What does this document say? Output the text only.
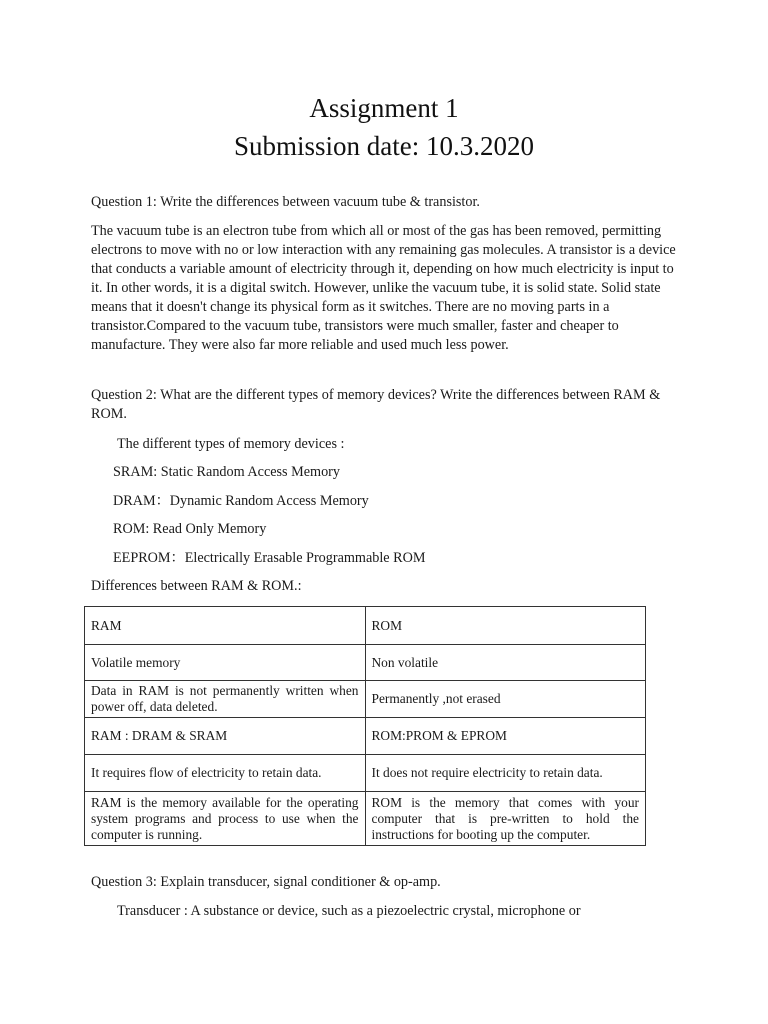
Assignment 1
Submission date: 10.3.2020
Question 1: Write the differences between vacuum tube & transistor.
The vacuum tube is an electron tube from which all or most of the gas has been removed, permitting electrons to move with no or low interaction with any remaining gas molecules. A transistor is a device that conducts a variable amount of electricity through it, depending on how much electricity is input to it. In other words, it is a digital switch. However, unlike the vacuum tube, it is solid state. Solid state means that it doesn't change its physical form as it switches. There are no moving parts in a transistor.Compared to the vacuum tube, transistors were much smaller, faster and cheaper to manufacture. They were also far more reliable and used much less power.
Question 2: What are the different types of memory devices? Write the differences between RAM & ROM.
The different types of memory devices :
SRAM: Static Random Access Memory
DRAM：Dynamic Random Access Memory
ROM: Read Only Memory
EEPROM：Electrically Erasable Programmable ROM
Differences between RAM & ROM.:
RAM	ROM
Volatile memory	Non volatile
Data in RAM is not permanently written when power off, data deleted.	Permanently ,not erased
RAM : DRAM & SRAM	ROM:PROM & EPROM
It requires flow of electricity to retain data.	It does not require electricity to retain data.
RAM is the memory available for the operating system programs and process to use when the computer is running.	ROM is the memory that comes with your computer that is pre-written to hold the instructions for booting up the computer.
Question 3: Explain transducer, signal conditioner & op-amp.
Transducer : A substance or device, such as a piezoelectric crystal, microphone or
